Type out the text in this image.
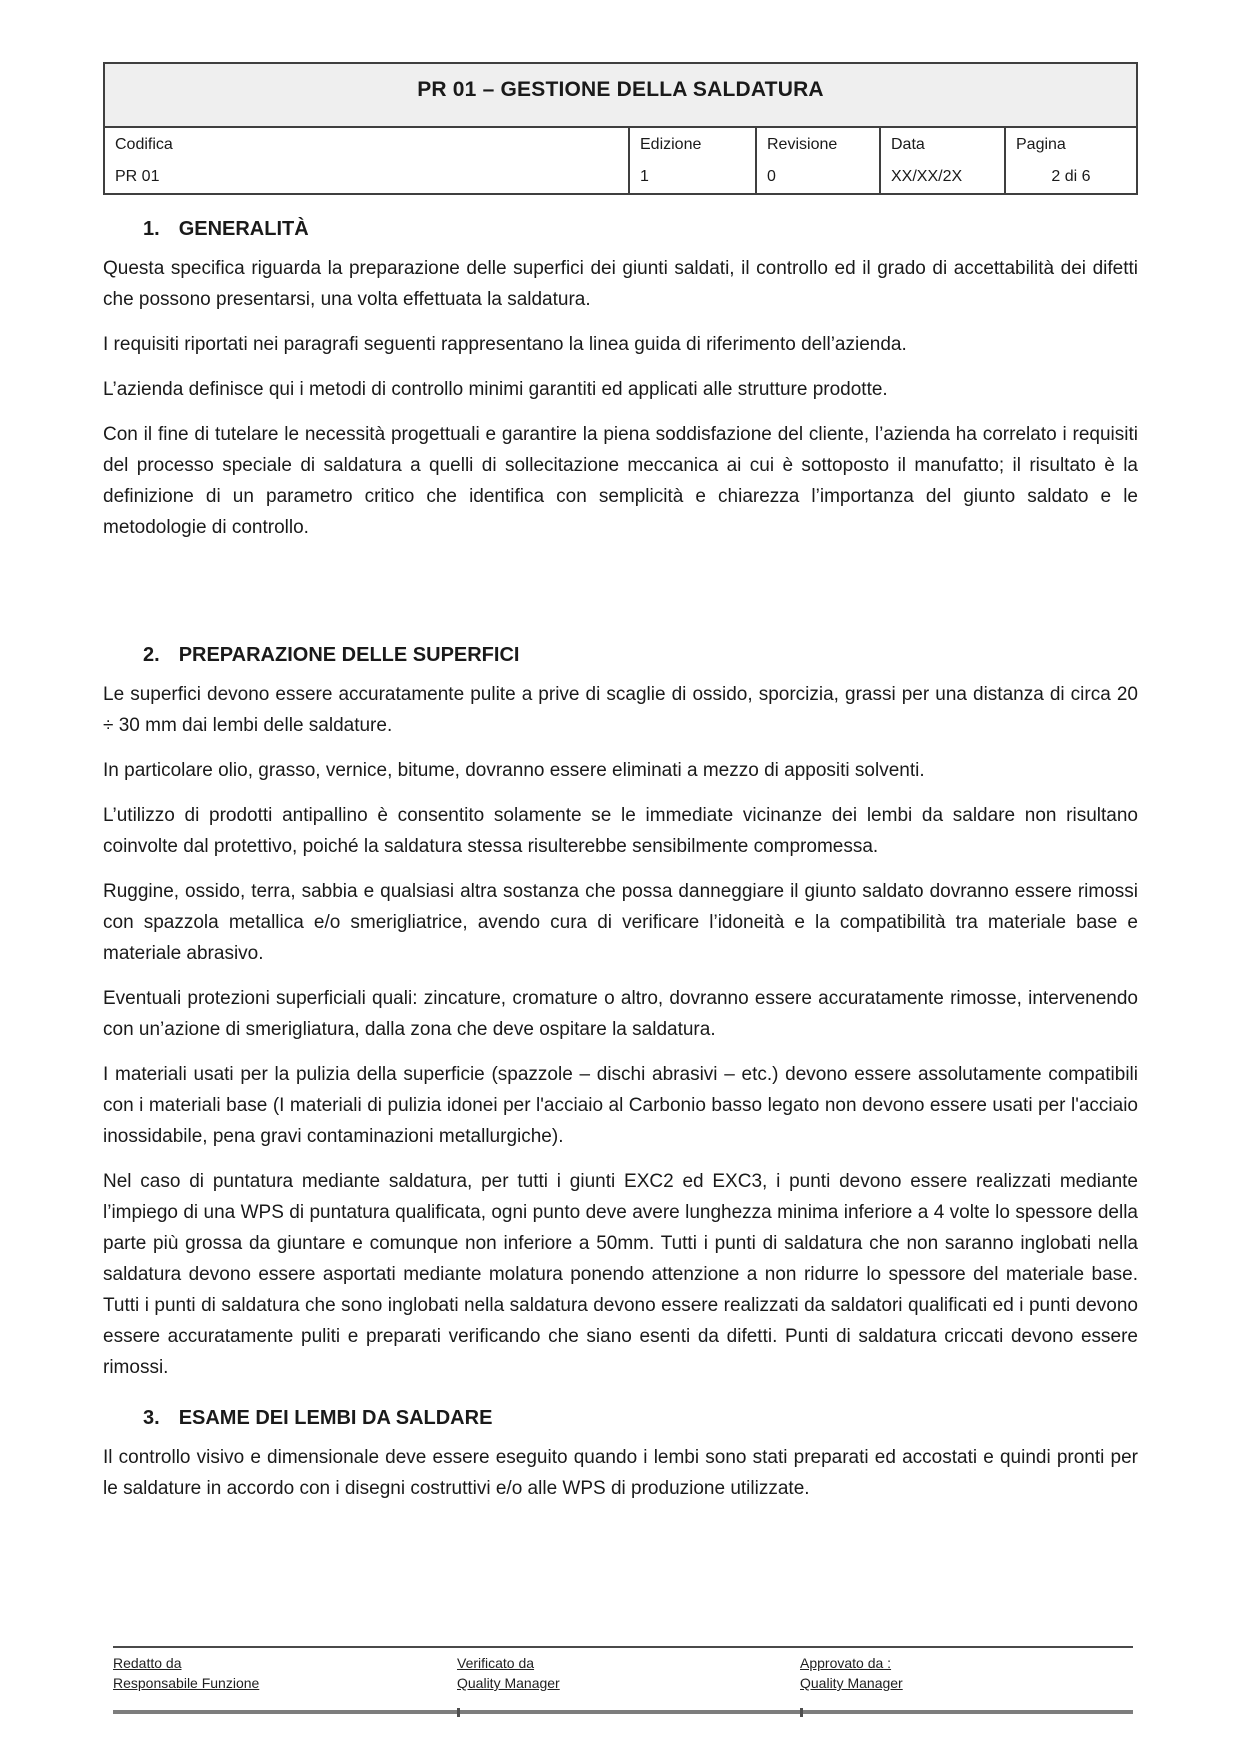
PR 01 – GESTIONE DELLA SALDATURA
Codifica
PR 01
Edizione
1
Revisione
0
Data
XX/XX/2X
Pagina
2 di 6
1. GENERALITÀ

Questa specifica riguarda la preparazione delle superfici dei giunti saldati, il controllo ed il grado di accettabilità dei difetti che possono presentarsi, una volta effettuata la saldatura.

I requisiti riportati nei paragrafi seguenti rappresentano la linea guida di riferimento dell’azienda.

L’azienda definisce qui i metodi di controllo minimi garantiti ed applicati alle strutture prodotte.

Con il fine di tutelare le necessità progettuali e garantire la piena soddisfazione del cliente, l’azienda ha correlato i requisiti del processo speciale di saldatura a quelli di sollecitazione meccanica ai cui è sottoposto il manufatto; il risultato è la definizione di un parametro critico che identifica con semplicità e chiarezza l’importanza del giunto saldato e le metodologie di controllo.

2. PREPARAZIONE DELLE SUPERFICI

Le superfici devono essere accuratamente pulite a prive di scaglie di ossido, sporcizia, grassi per una distanza di circa 20 ÷ 30 mm dai lembi delle saldature.

In particolare olio, grasso, vernice, bitume, dovranno essere eliminati a mezzo di appositi solventi.

L’utilizzo di prodotti antipallino è consentito solamente se le immediate vicinanze dei lembi da saldare non risultano coinvolte dal protettivo, poiché la saldatura stessa risulterebbe sensibilmente compromessa.

Ruggine, ossido, terra, sabbia e qualsiasi altra sostanza che possa danneggiare il giunto saldato dovranno essere rimossi con spazzola metallica e/o smerigliatrice, avendo cura di verificare l’idoneità e la compatibilità tra materiale base e materiale abrasivo.

Eventuali protezioni superficiali quali: zincature, cromature o altro, dovranno essere accuratamente rimosse, intervenendo con un’azione di smerigliatura, dalla zona che deve ospitare la saldatura.

I materiali usati per la pulizia della superficie (spazzole – dischi abrasivi – etc.) devono essere assolutamente compatibili con i materiali base (I materiali di pulizia idonei per l'acciaio al Carbonio basso legato non devono essere usati per l'acciaio inossidabile, pena gravi contaminazioni metallurgiche).

Nel caso di puntatura mediante saldatura, per tutti i giunti EXC2 ed EXC3, i punti devono essere realizzati mediante l’impiego di una WPS di puntatura qualificata, ogni punto deve avere lunghezza minima inferiore a 4 volte lo spessore della parte più grossa da giuntare e comunque non inferiore a 50mm. Tutti i punti di saldatura che non saranno inglobati nella saldatura devono essere asportati mediante molatura ponendo attenzione a non ridurre lo spessore del materiale base. Tutti i punti di saldatura che sono inglobati nella saldatura devono essere realizzati da saldatori qualificati ed i punti devono essere accuratamente puliti e preparati verificando che siano esenti da difetti. Punti di saldatura criccati devono essere rimossi.

3. ESAME DEI LEMBI DA SALDARE

Il controllo visivo e dimensionale deve essere eseguito quando i lembi sono stati preparati ed accostati e quindi pronti per le saldature in accordo con i disegni costruttivi e/o alle WPS di produzione utilizzate.

Redatto da
Responsabile Funzione
Verificato da
Quality Manager
Approvato da :
Quality Manager
